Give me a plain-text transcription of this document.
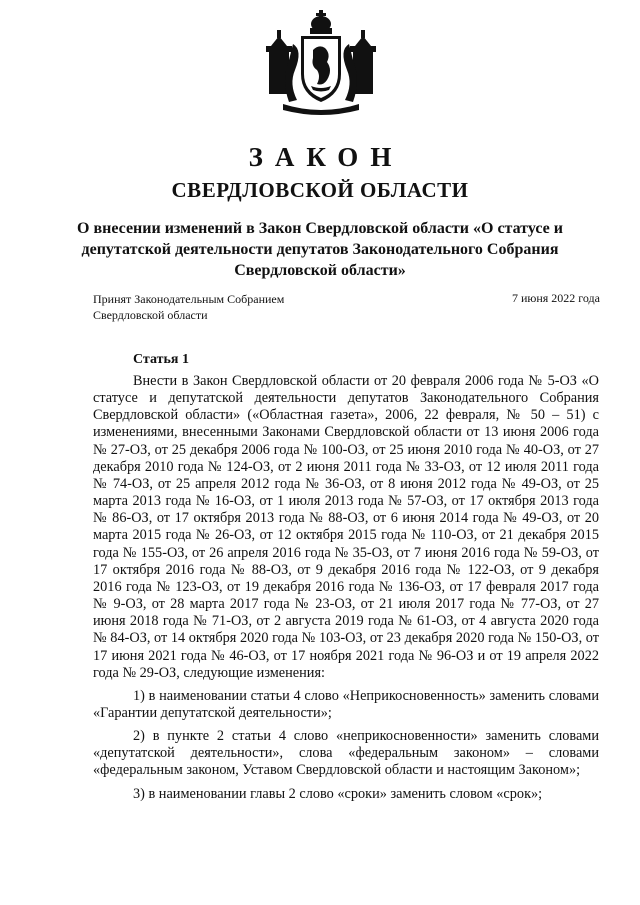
ЗАКОН
СВЕРДЛОВСКОЙ ОБЛАСТИ
О внесении изменений в Закон Свердловской области «О статусе и депутатской деятельности депутатов Законодательного Собрания Свердловской области»
Принят Законодательным Собранием
Свердловской области
7 июня 2022 года
Статья 1

Внести в Закон Свердловской области от 20 февраля 2006 года № 5-ОЗ «О статусе и депутатской деятельности депутатов Законодательного Собрания Свердловской области» («Областная газета», 2006, 22 февраля, № 50 – 51) с изменениями, внесенными Законами Свердловской области от 13 июня 2006 года № 27-ОЗ, от 25 декабря 2006 года № 100-ОЗ, от 25 июня 2010 года № 40-ОЗ, от 27 декабря 2010 года № 124-ОЗ, от 2 июня 2011 года № 33-ОЗ, от 12 июля 2011 года № 74-ОЗ, от 25 апреля 2012 года № 36-ОЗ, от 8 июня 2012 года № 49-ОЗ, от 25 марта 2013 года № 16-ОЗ, от 1 июля 2013 года № 57-ОЗ, от 17 октября 2013 года № 86-ОЗ, от 17 октября 2013 года № 88-ОЗ, от 6 июня 2014 года № 49-ОЗ, от 20 марта 2015 года № 26-ОЗ, от 12 октября 2015 года № 110-ОЗ, от 21 декабря 2015 года № 155-ОЗ, от 26 апреля 2016 года № 35-ОЗ, от 7 июня 2016 года № 59-ОЗ, от 17 октября 2016 года № 88-ОЗ, от 9 декабря 2016 года № 122-ОЗ, от 9 декабря 2016 года № 123-ОЗ, от 19 декабря 2016 года № 136-ОЗ, от 17 февраля 2017 года № 9-ОЗ, от 28 марта 2017 года № 23-ОЗ, от 21 июля 2017 года № 77-ОЗ, от 27 июня 2018 года № 71-ОЗ, от 2 августа 2019 года № 61-ОЗ, от 4 августа 2020 года № 84-ОЗ, от 14 октября 2020 года № 103-ОЗ, от 23 декабря 2020 года № 150-ОЗ, от 17 июня 2021 года № 46-ОЗ, от 17 ноября 2021 года № 96-ОЗ и от 19 апреля 2022 года № 29-ОЗ, следующие изменения:

1) в наименовании статьи 4 слово «Неприкосновенность» заменить словами «Гарантии депутатской деятельности»;

2) в пункте 2 статьи 4 слово «неприкосновенности» заменить словами «депутатской деятельности», слова «федеральным законом» – словами «федеральным законом, Уставом Свердловской области и настоящим Законом»;

3) в наименовании главы 2 слово «сроки» заменить словом «срок»;
